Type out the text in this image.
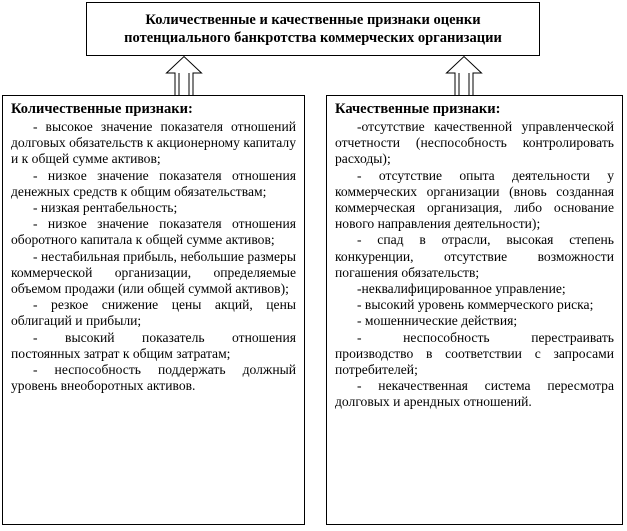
Количественные и качественные признаки оценки
потенциального банкротства коммерческих организации
Количественные признаки:
- высокое значение показателя отношений долговых обязательств к акционерному капиталу и к общей сумме активов;
- низкое значение показателя отношения денежных средств к общим обязательствам;
- низкая рентабельность;
- низкое значение показателя отношения оборотного капитала к общей сумме активов;
- нестабильная прибыль, небольшие размеры коммерческой организации, определяемые объемом продажи (или общей суммой активов);
- резкое снижение цены акций, цены облигаций и прибыли;
- высокий показатель отношения постоянных затрат к общим затратам;
- неспособность поддержать должный уровень внеоборотных активов.
Качественные признаки:
-отсутствие качественной управленческой отчетности (неспособность контролировать расходы);
- отсутствие опыта деятельности у коммерческих организации (вновь созданная коммерческая организация, либо основание нового направления деятельности);
- спад в отрасли, высокая степень конкуренции, отсутствие возможности погашения обязательств;
-неквалифицированное управление;
- высокий уровень коммерческого риска;
- мошеннические действия;
- неспособность перестраивать производство в соответствии с запросами потребителей;
- некачественная система пересмотра долговых и арендных отношений.
